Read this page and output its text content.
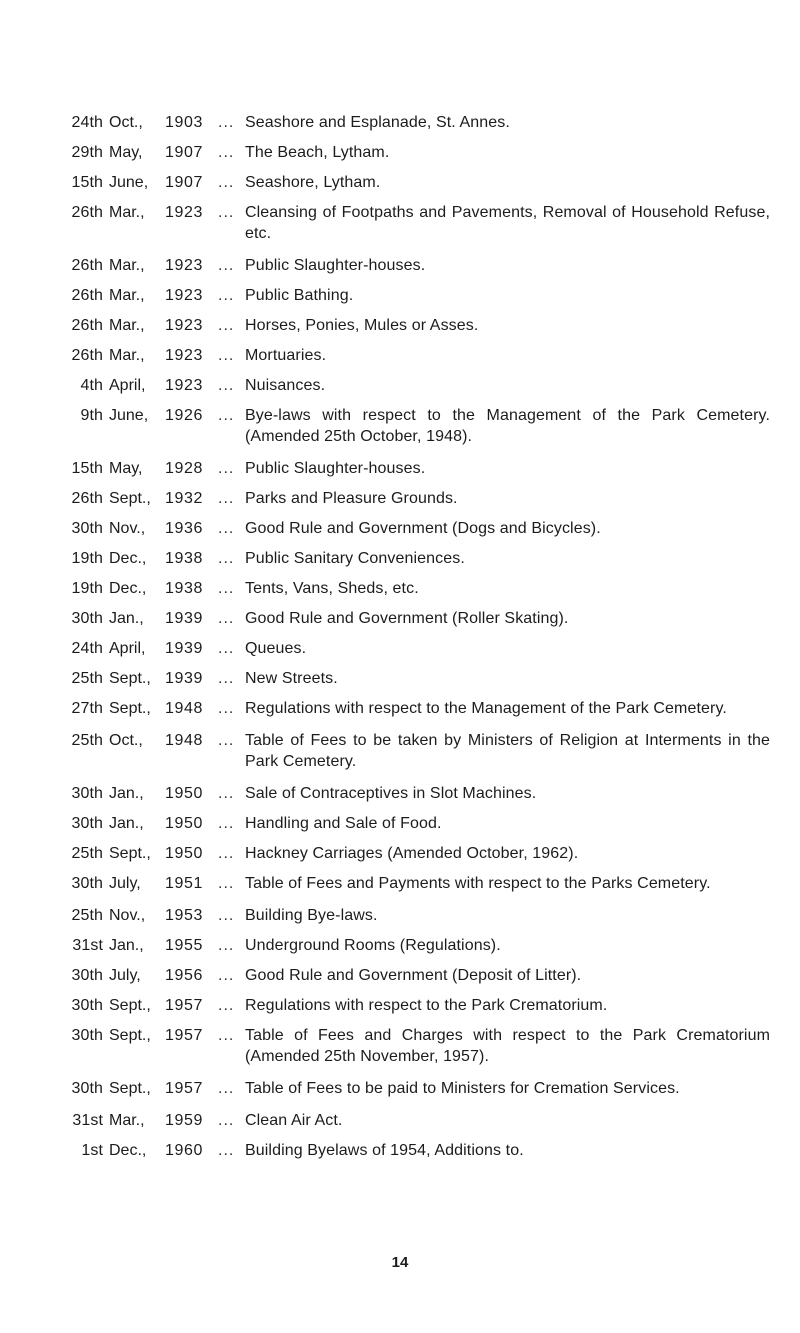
24th Oct., 1903 ... Seashore and Esplanade, St. Annes.
29th May, 1907 ... The Beach, Lytham.
15th June, 1907 ... Seashore, Lytham.
26th Mar., 1923 ... Cleansing of Footpaths and Pavements, Removal of Household Refuse, etc.
26th Mar., 1923 ... Public Slaughter-houses.
26th Mar., 1923 ... Public Bathing.
26th Mar., 1923 ... Horses, Ponies, Mules or Asses.
26th Mar., 1923 ... Mortuaries.
4th April, 1923 ... Nuisances.
9th June, 1926 ... Bye-laws with respect to the Management of the Park Cemetery. (Amended 25th October, 1948).
15th May, 1928 ... Public Slaughter-houses.
26th Sept., 1932 ... Parks and Pleasure Grounds.
30th Nov., 1936 ... Good Rule and Government (Dogs and Bicycles).
19th Dec., 1938 ... Public Sanitary Conveniences.
19th Dec., 1938 ... Tents, Vans, Sheds, etc.
30th Jan., 1939 ... Good Rule and Government (Roller Skating).
24th April, 1939 ... Queues.
25th Sept., 1939 ... New Streets.
27th Sept., 1948 ... Regulations with respect to the Management of the Park Cemetery.
25th Oct., 1948 ... Table of Fees to be taken by Ministers of Religion at Interments in the Park Cemetery.
30th Jan., 1950 ... Sale of Contraceptives in Slot Machines.
30th Jan., 1950 ... Handling and Sale of Food.
25th Sept., 1950 ... Hackney Carriages (Amended October, 1962).
30th July, 1951 ... Table of Fees and Payments with respect to the Parks Cemetery.
25th Nov., 1953 ... Building Bye-laws.
31st Jan., 1955 ... Underground Rooms (Regulations).
30th July, 1956 ... Good Rule and Government (Deposit of Litter).
30th Sept., 1957 ... Regulations with respect to the Park Crematorium.
30th Sept., 1957 ... Table of Fees and Charges with respect to the Park Crematorium (Amended 25th November, 1957).
30th Sept., 1957 ... Table of Fees to be paid to Ministers for Cremation Services.
31st Mar., 1959 ... Clean Air Act.
1st Dec., 1960 ... Building Byelaws of 1954, Additions to.
14
